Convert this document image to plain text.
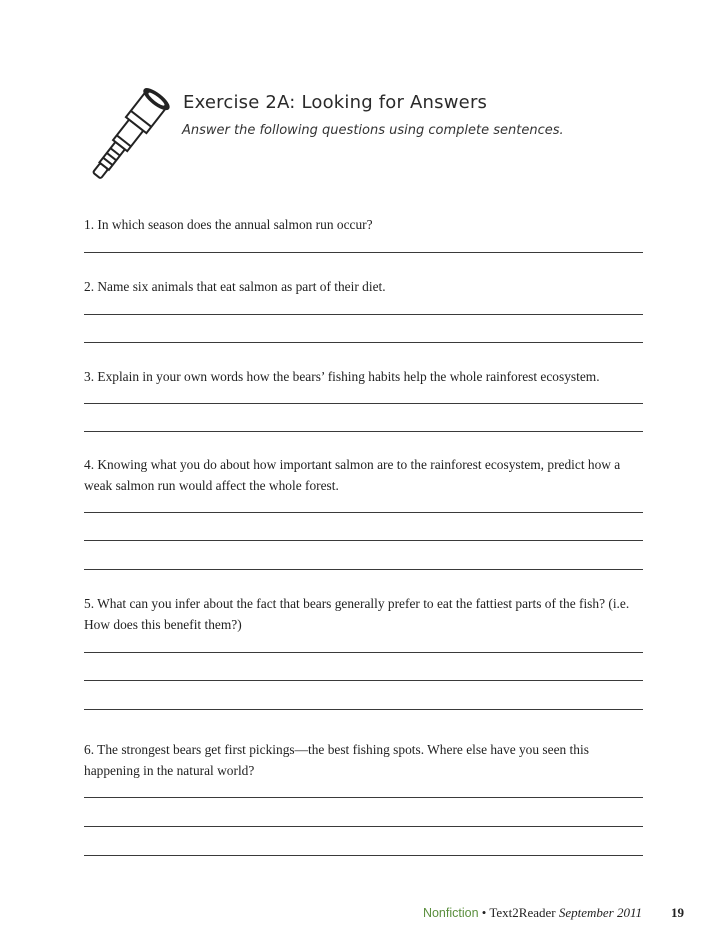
Exercise 2A: Looking for Answers
Answer the following questions using complete sentences.
1. In which season does the annual salmon run occur?
2. Name six animals that eat salmon as part of their diet.
3. Explain in your own words how the bears’ fishing habits help the whole rainforest ecosystem.
4. Knowing what you do about how important salmon are to the rainforest ecosystem, predict how a weak salmon run would affect the whole forest.
5. What can you infer about the fact that bears generally prefer to eat the fattiest parts of the fish? (i.e. How does this benefit them?)
6. The strongest bears get first pickings—the best fishing spots. Where else have you seen this happening in the natural world?
Nonfiction • Text2Reader September 2011 19
